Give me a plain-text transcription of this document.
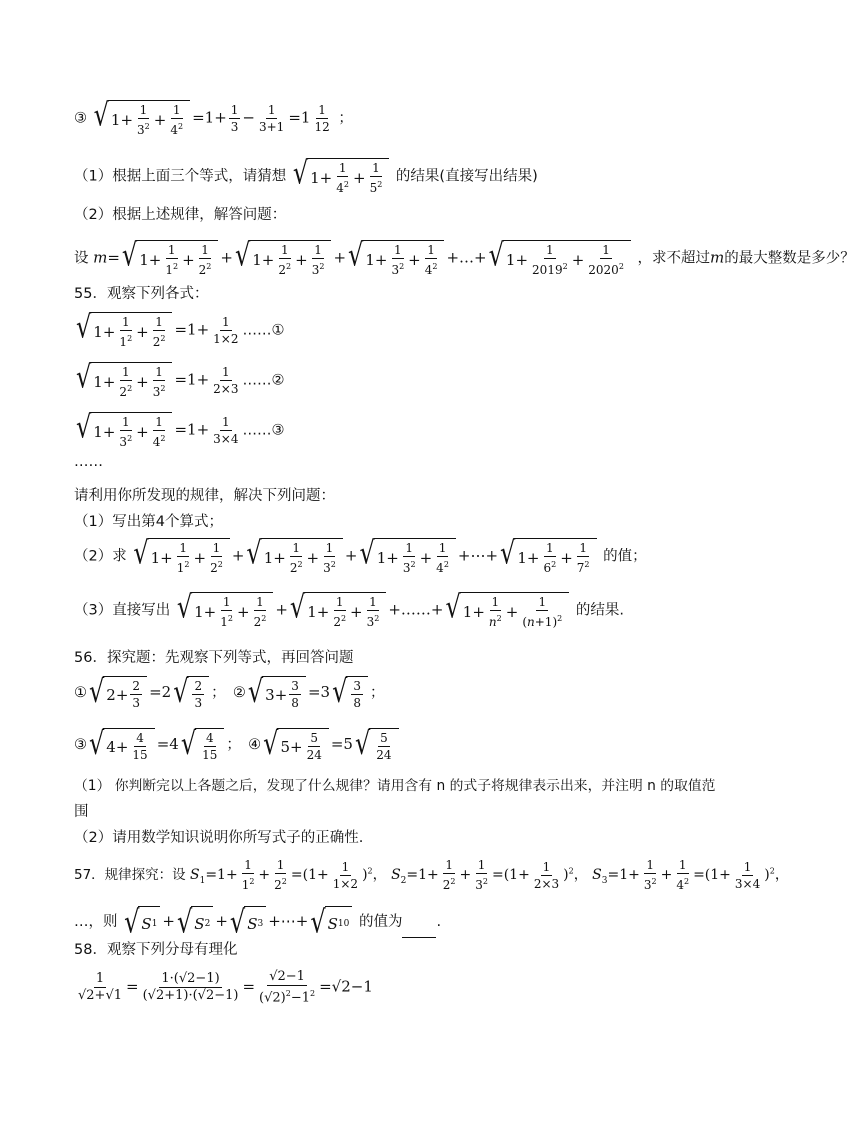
③ √ $1+ \frac{1}{3^2} + \frac{1}{4^2} =1+ \frac{1}{3} - \frac{1}{3+1} =1 \frac{1}{12}$ ；
（1）根据上面三个等式，请猜想 √ $1+ \frac{1}{4^2} + \frac{1}{5^2}$ 的结果(直接写出结果)
（2）根据上述规律，解答问题：
设 m= √ $1+ \frac{1}{1^2} + \frac{1}{2^2}$ + √ $1+ \frac{1}{2^2} + \frac{1}{3^2}$ + √ $1+ \frac{1}{3^2} + \frac{1}{4^2}$ +…+ √ $1+ \frac{1}{2019^2} + \frac{1}{2020^2}$ ，求不超过m的最大整数是多少？
55．观察下列各式：
√ $1+ \frac{1}{1^2} + \frac{1}{2^2} =1+ \frac{1}{1\times 2}$ ……①
√ $1+ \frac{1}{2^2} + \frac{1}{3^2} =1+ \frac{1}{2\times 3}$ ……②
√ $1+ \frac{1}{3^2} + \frac{1}{4^2} =1+ \frac{1}{3\times 4}$ ……③
……
请利用你所发现的规律，解决下列问题：
（1）写出第4个算式；
（2）求 √ $1+ \frac{1}{1^2} + \frac{1}{2^2}$ + √ $1+ \frac{1}{2^2} + \frac{1}{3^2}$ + √ $1+ \frac{1}{3^2} + \frac{1}{4^2}$ +⋯+ √ $1+ \frac{1}{6^2} + \frac{1}{7^2}$ 的值；
（3）直接写出 √ $1+ \frac{1}{1^2} + \frac{1}{2^2}$ + √ $1+ \frac{1}{2^2} + \frac{1}{3^2}$ +……+ √ $1+ \frac{1}{n^2} + \frac{1}{(n+1)^2}$ 的结果.
56．探究题：先观察下列等式，再回答问题
① √ $2+ \frac{2}{3} =2$ √ $\frac{2}{3}$ ；　② √ $3+ \frac{3}{8} =3$ √ $\frac{3}{8}$ ；
③ √ $4+ \frac{4}{15} =4$ √ $\frac{4}{15}$ ；　④ √ $5+ \frac{5}{24} =5$ √ $\frac{5}{24}$
（1） 你判断完以上各题之后，发现了什么规律？请用含有 n 的式子将规律表示出来，并注明 n 的取值范
围
（2）请用数学知识说明你所写式子的正确性.
57．规律探究：设 $S_1=1+ \frac{1}{1^2} + \frac{1}{2^2} =(1+ \frac{1}{1\times 2} )^2$， $S_2=1+ \frac{1}{2^2} + \frac{1}{3^2} =(1+ \frac{1}{2\times 3} )^2$， $S_3=1+ \frac{1}{3^2} + \frac{1}{4^2} =(1+ \frac{1}{3\times 4} )^2$，
…，则 √ S 1 + √ S 2 + √ S 3 +⋯+ √ S 10 的值为 .
58．观察下列分母有理化
$\frac{1}{√2+√1} = \frac{1\cdot(√2-1)}{(√2+1)\cdot(√2-1)} = \frac{√2-1}{(√2)^2-1^2} =√2-1$
